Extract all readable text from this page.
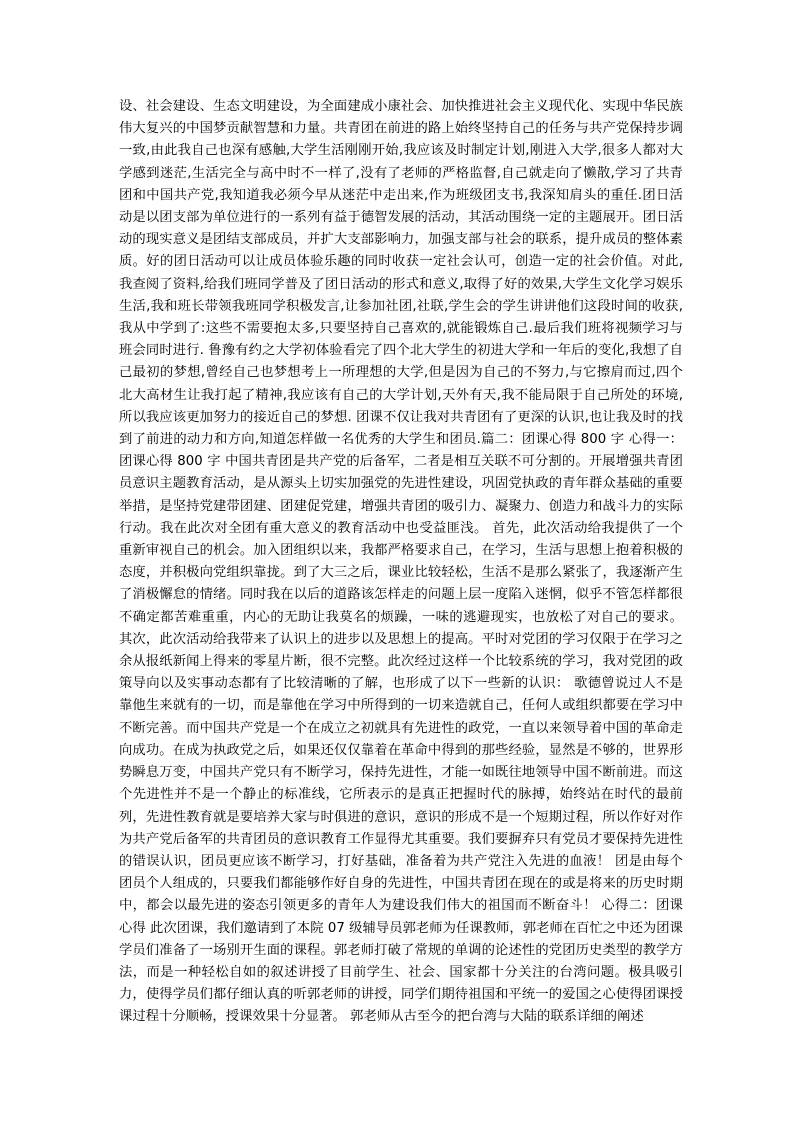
设、社会建设、生态文明建设，为全面建成小康社会、加快推进社会主义现代化、实现中华民族伟大复兴的中国梦贡献智慧和力量。共青团在前进的路上始终坚持自己的任务与共产党保持步调一致,由此我自己也深有感触,大学生活刚刚开始,我应该及时制定计划,刚进入大学,很多人都对大学感到迷茫,生活完全与高中时不一样了,没有了老师的严格监督,自己就走向了懒散,学习了共青团和中国共产党,我知道我必须今早从迷茫中走出来,作为班级团支书,我深知肩头的重任.团日活动是以团支部为单位进行的一系列有益于德智发展的活动，其活动围绕一定的主题展开。团日活动的现实意义是团结支部成员，并扩大支部影响力，加强支部与社会的联系，提升成员的整体素质。好的团日活动可以让成员体验乐趣的同时收获一定社会认可，创造一定的社会价值。对此,我查阅了资料,给我们班同学普及了团日活动的形式和意义,取得了好的效果,大学生文化学习娱乐生活,我和班长带领我班同学积极发言,让参加社团,社联,学生会的学生讲讲他们这段时间的收获,我从中学到了:这些不需要抱太多,只要坚持自己喜欢的,就能锻炼自己.最后我们班将视频学习与班会同时进行. 鲁豫有约之大学初体验看完了四个北大学生的初进大学和一年后的变化,我想了自己最初的梦想,曾经自己也梦想考上一所理想的大学,但是因为自己的不努力,与它擦肩而过,四个北大高材生让我打起了精神,我应该有自己的大学计划,天外有天,我不能局限于自己所处的环境,所以我应该更加努力的接近自己的梦想. 团课不仅让我对共青团有了更深的认识,也让我及时的找到了前进的动力和方向,知道怎样做一名优秀的大学生和团员.篇二：团课心得 800 字 心得一：团课心得 800 字 中国共青团是共产党的后备军，二者是相互关联不可分割的。开展增强共青团员意识主题教育活动，是从源头上切实加强党的先进性建设，巩固党执政的青年群众基础的重要举措，是坚持党建带团建、团建促党建，增强共青团的吸引力、凝聚力、创造力和战斗力的实际行动。我在此次对全团有重大意义的教育活动中也受益匪浅。 首先，此次活动给我提供了一个重新审视自己的机会。加入团组织以来，我都严格要求自己，在学习，生活与思想上抱着积极的态度，并积极向党组织靠拢。到了大三之后，课业比较轻松，生活不是那么紧张了，我逐渐产生了消极懈怠的情绪。同时我在以后的道路该怎样走的问题上层一度陷入迷惘，似乎不管怎样都很不确定都苦难重重，内心的无助让我莫名的烦躁，一味的逃避现实，也放松了对自己的要求。 其次，此次活动给我带来了认识上的进步以及思想上的提高。平时对党团的学习仅限于在学习之余从报纸新闻上得来的零星片断，很不完整。此次经过这样一个比较系统的学习，我对党团的政策导向以及实事动态都有了比较清晰的了解，也形成了以下一些新的认识： 歌德曾说过人不是靠他生来就有的一切，而是靠他在学习中所得到的一切来造就自己，任何人或组织都要在学习中不断完善。而中国共产党是一个在成立之初就具有先进性的政党，一直以来领导着中国的革命走向成功。在成为执政党之后，如果还仅仅靠着在革命中得到的那些经验，显然是不够的，世界形势瞬息万变，中国共产党只有不断学习，保持先进性，才能一如既往地领导中国不断前进。而这个先进性并不是一个静止的标准线，它所表示的是真正把握时代的脉搏，始终站在时代的最前列，先进性教育就是要培养大家与时俱进的意识，意识的形成不是一个短期过程，所以作好对作为共产党后备军的共青团员的意识教育工作显得尤其重要。我们要摒弃只有党员才要保持先进性的错误认识，团员更应该不断学习，打好基础，准备着为共产党注入先进的血液！ 团是由每个团员个人组成的，只要我们都能够作好自身的先进性，中国共青团在现在的或是将来的历史时期中，都会以最先进的姿态引领更多的青年人为建设我们伟大的祖国而不断奋斗！ 心得二：团课心得 此次团课，我们邀请到了本院 07 级辅导员郭老师为任课教师，郭老师在百忙之中还为团课学员们准备了一场别开生面的课程。郭老师打破了常规的单调的论述性的党团历史类型的教学方法，而是一种轻松自如的叙述讲授了目前学生、社会、国家都十分关注的台湾问题。极具吸引力，使得学员们都仔细认真的听郭老师的讲授，同学们期待祖国和平统一的爱国之心使得团课授课过程十分顺畅，授课效果十分显著。 郭老师从古至今的把台湾与大陆的联系详细的阐述
